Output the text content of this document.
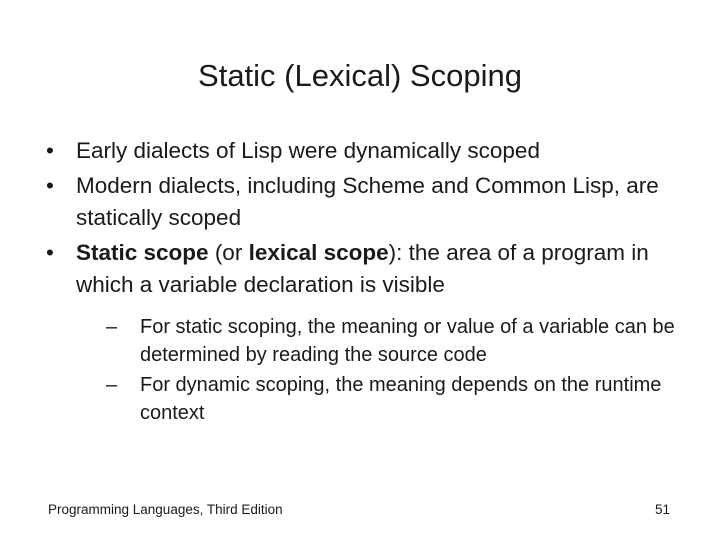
Static (Lexical) Scoping
• Early dialects of Lisp were dynamically scoped
• Modern dialects, including Scheme and Common Lisp, are statically scoped
• Static scope (or lexical scope): the area of a program in which a variable declaration is visible
–	For static scoping, the meaning or value of a variable can be determined by reading the source code
–	For dynamic scoping, the meaning depends on the runtime context
Programming Languages, Third Edition	51
